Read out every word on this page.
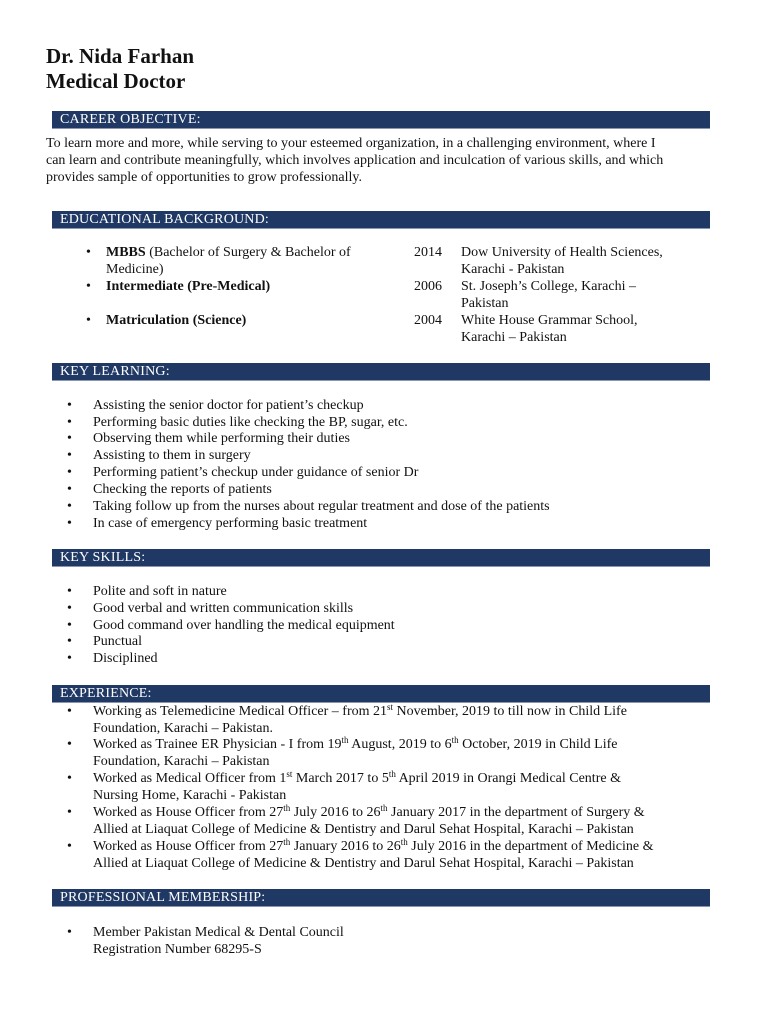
Dr. Nida Farhan
Medical Doctor
CAREER OBJECTIVE:
To learn more and more, while serving to your esteemed organization, in a challenging environment, where I
can learn and contribute meaningfully, which involves application and inculcation of various skills, and which
provides sample of opportunities to grow professionally.
EDUCATIONAL BACKGROUND:
• MBBS (Bachelor of Surgery & Bachelor of
Medicine)
2014 Dow University of Health Sciences,
Karachi - Pakistan
• Intermediate (Pre-Medical)	2006 St. Joseph’s College, Karachi –
Pakistan
• Matriculation (Science)	2004 White House Grammar School,
Karachi – Pakistan
KEY LEARNING:
• Assisting the senior doctor for patient’s checkup
• Performing basic duties like checking the BP, sugar, etc.
• Observing them while performing their duties
• Assisting to them in surgery
• Performing patient’s checkup under guidance of senior Dr
• Checking the reports of patients
• Taking follow up from the nurses about regular treatment and dose of the patients
• In case of emergency performing basic treatment
KEY SKILLS:
• Polite and soft in nature
• Good verbal and written communication skills
• Good command over handling the medical equipment
• Punctual
• Disciplined
EXPERIENCE:
• Working as Telemedicine Medical Officer – from 21st November, 2019 to till now in Child Life
Foundation, Karachi – Pakistan.
• Worked as Trainee ER Physician - I from 19th August, 2019 to 6th October, 2019 in Child Life
Foundation, Karachi – Pakistan
• Worked as Medical Officer from 1st March 2017 to 5th April 2019 in Orangi Medical Centre &
Nursing Home, Karachi - Pakistan
• Worked as House Officer from 27th July 2016 to 26th January 2017 in the department of Surgery &
Allied at Liaquat College of Medicine & Dentistry and Darul Sehat Hospital, Karachi – Pakistan
• Worked as House Officer from 27th January 2016 to 26th July 2016 in the department of Medicine &
Allied at Liaquat College of Medicine & Dentistry and Darul Sehat Hospital, Karachi – Pakistan
PROFESSIONAL MEMBERSHIP:
• Member Pakistan Medical & Dental Council
Registration Number 68295-S
